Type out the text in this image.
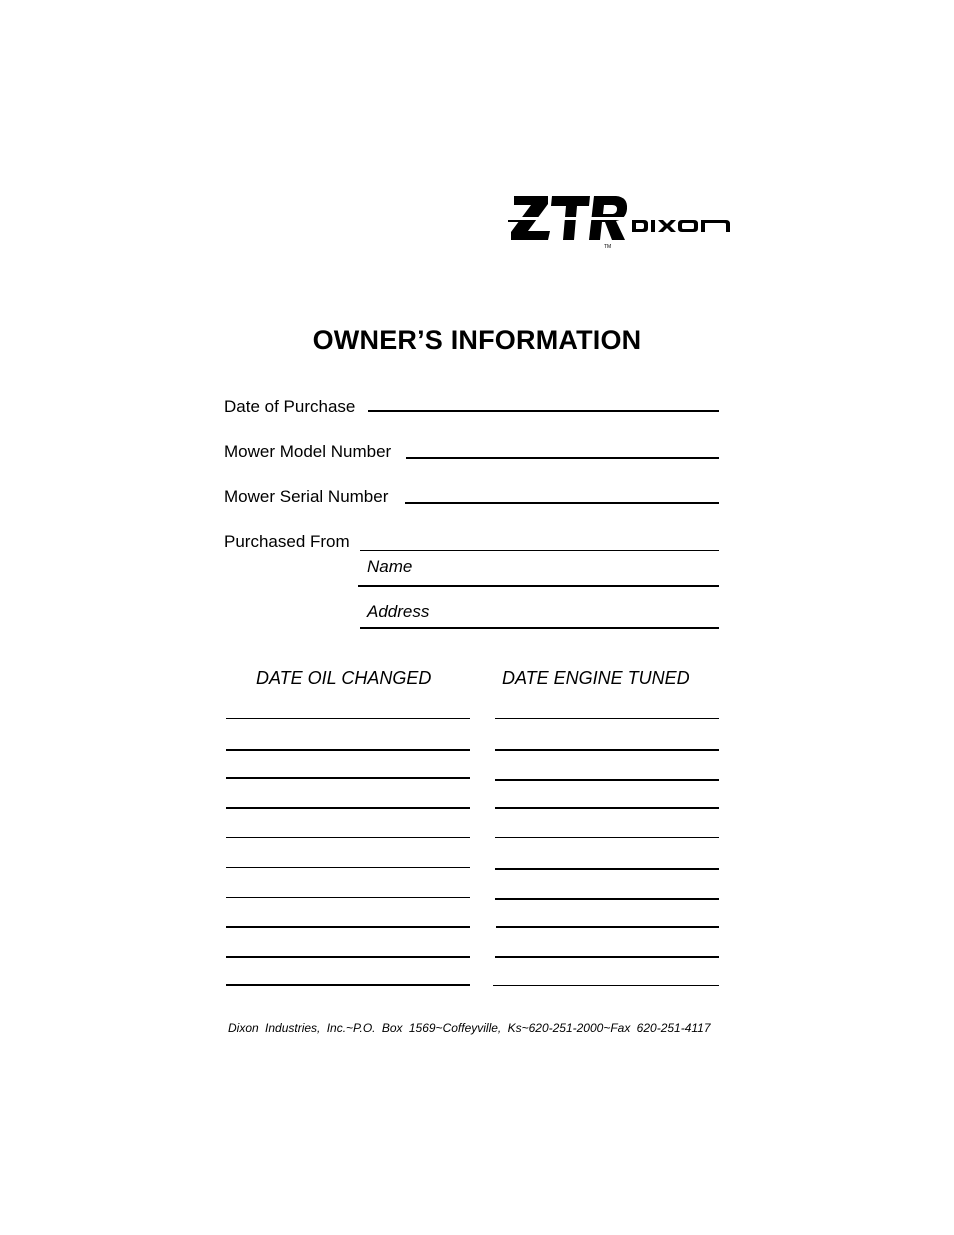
TM
OWNER’S INFORMATION
Date of Purchase
Mower Model Number
Mower Serial Number
Purchased From
Name
Address
DATE OIL CHANGED	DATE ENGINE TUNED
Dixon Industries, Inc.~P.O. Box 1569~Coffeyville, Ks~620-251-2000~Fax 620-251-4117
